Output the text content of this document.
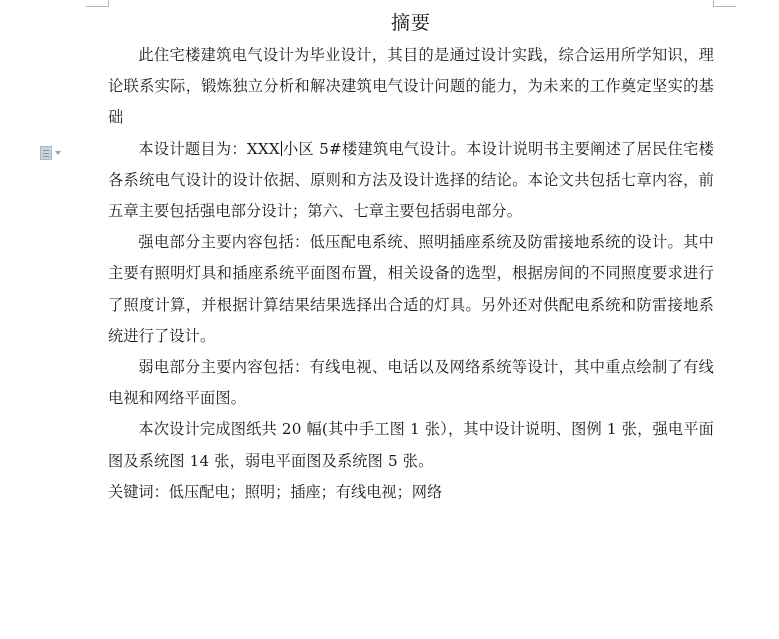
摘要

此住宅楼建筑电气设计为毕业设计，其目的是通过设计实践，综合运用所学知识，理论联系实际，锻炼独立分析和解决建筑电气设计问题的能力，为未来的工作奠定坚实的基础

本设计题目为：XXX 小区 5#楼建筑电气设计。本设计说明书主要阐述了居民住宅楼各系统电气设计的设计依据、原则和方法及设计选择的结论。本论文共包括七章内容，前五章主要包括强电部分设计；第六、七章主要包括弱电部分。

强电部分主要内容包括：低压配电系统、照明插座系统及防雷接地系统的设计。其中主要有照明灯具和插座系统平面图布置，相关设备的选型，根据房间的不同照度要求进行了照度计算，并根据计算结果结果选择出合适的灯具。另外还对供配电系统和防雷接地系统进行了设计。

弱电部分主要内容包括：有线电视、电话以及网络系统等设计，其中重点绘制了有线电视和网络平面图。

本次设计完成图纸共 20 幅(其中手工图 1 张），其中设计说明、图例 1 张，强电平面图及系统图 14 张，弱电平面图及系统图 5 张。

关键词：低压配电；照明；插座；有线电视；网络
